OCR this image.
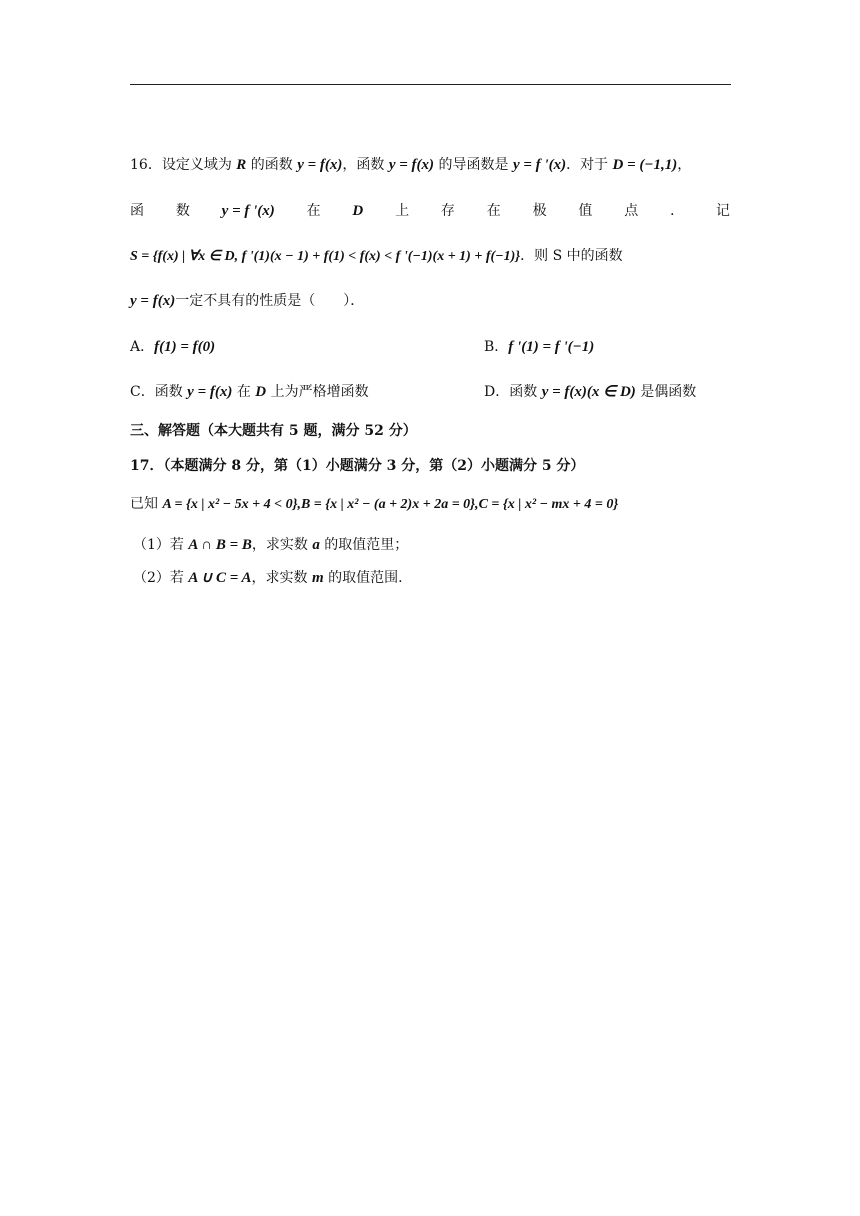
16．设定义域为 R 的函数 y = f(x)，函数 y = f(x) 的导函数是 y = f '(x)．对于 D = (−1,1)，
函 数 y = f '(x) 在 D 上 存 在 极 值 点 ． 记
S = {f(x) | ∀x ∈ D, f '(1)(x − 1) + f(1) < f(x) < f '(−1)(x + 1) + f(−1)}．则 S 中的函数
y = f(x)一定不具有的性质是（　　）．
A．f(1) = f(0)	B．f '(1) = f '(−1)
C．函数 y = f(x) 在 D 上为严格增函数	D．函数 y = f(x)(x ∈ D) 是偶函数
三、解答题（本大题共有 5 题，满分 52 分）
17．（本题满分 8 分，第（1）小题满分 3 分，第（2）小题满分 5 分）
已知 A = {x | x² − 5x + 4 < 0},B = {x | x² − (a + 2)x + 2a = 0},C = {x | x² − mx + 4 = 0}
（1）若 A ∩ B = B，求实数 a 的取值范里；
（2）若 A ∪ C = A，求实数 m 的取值范围.
